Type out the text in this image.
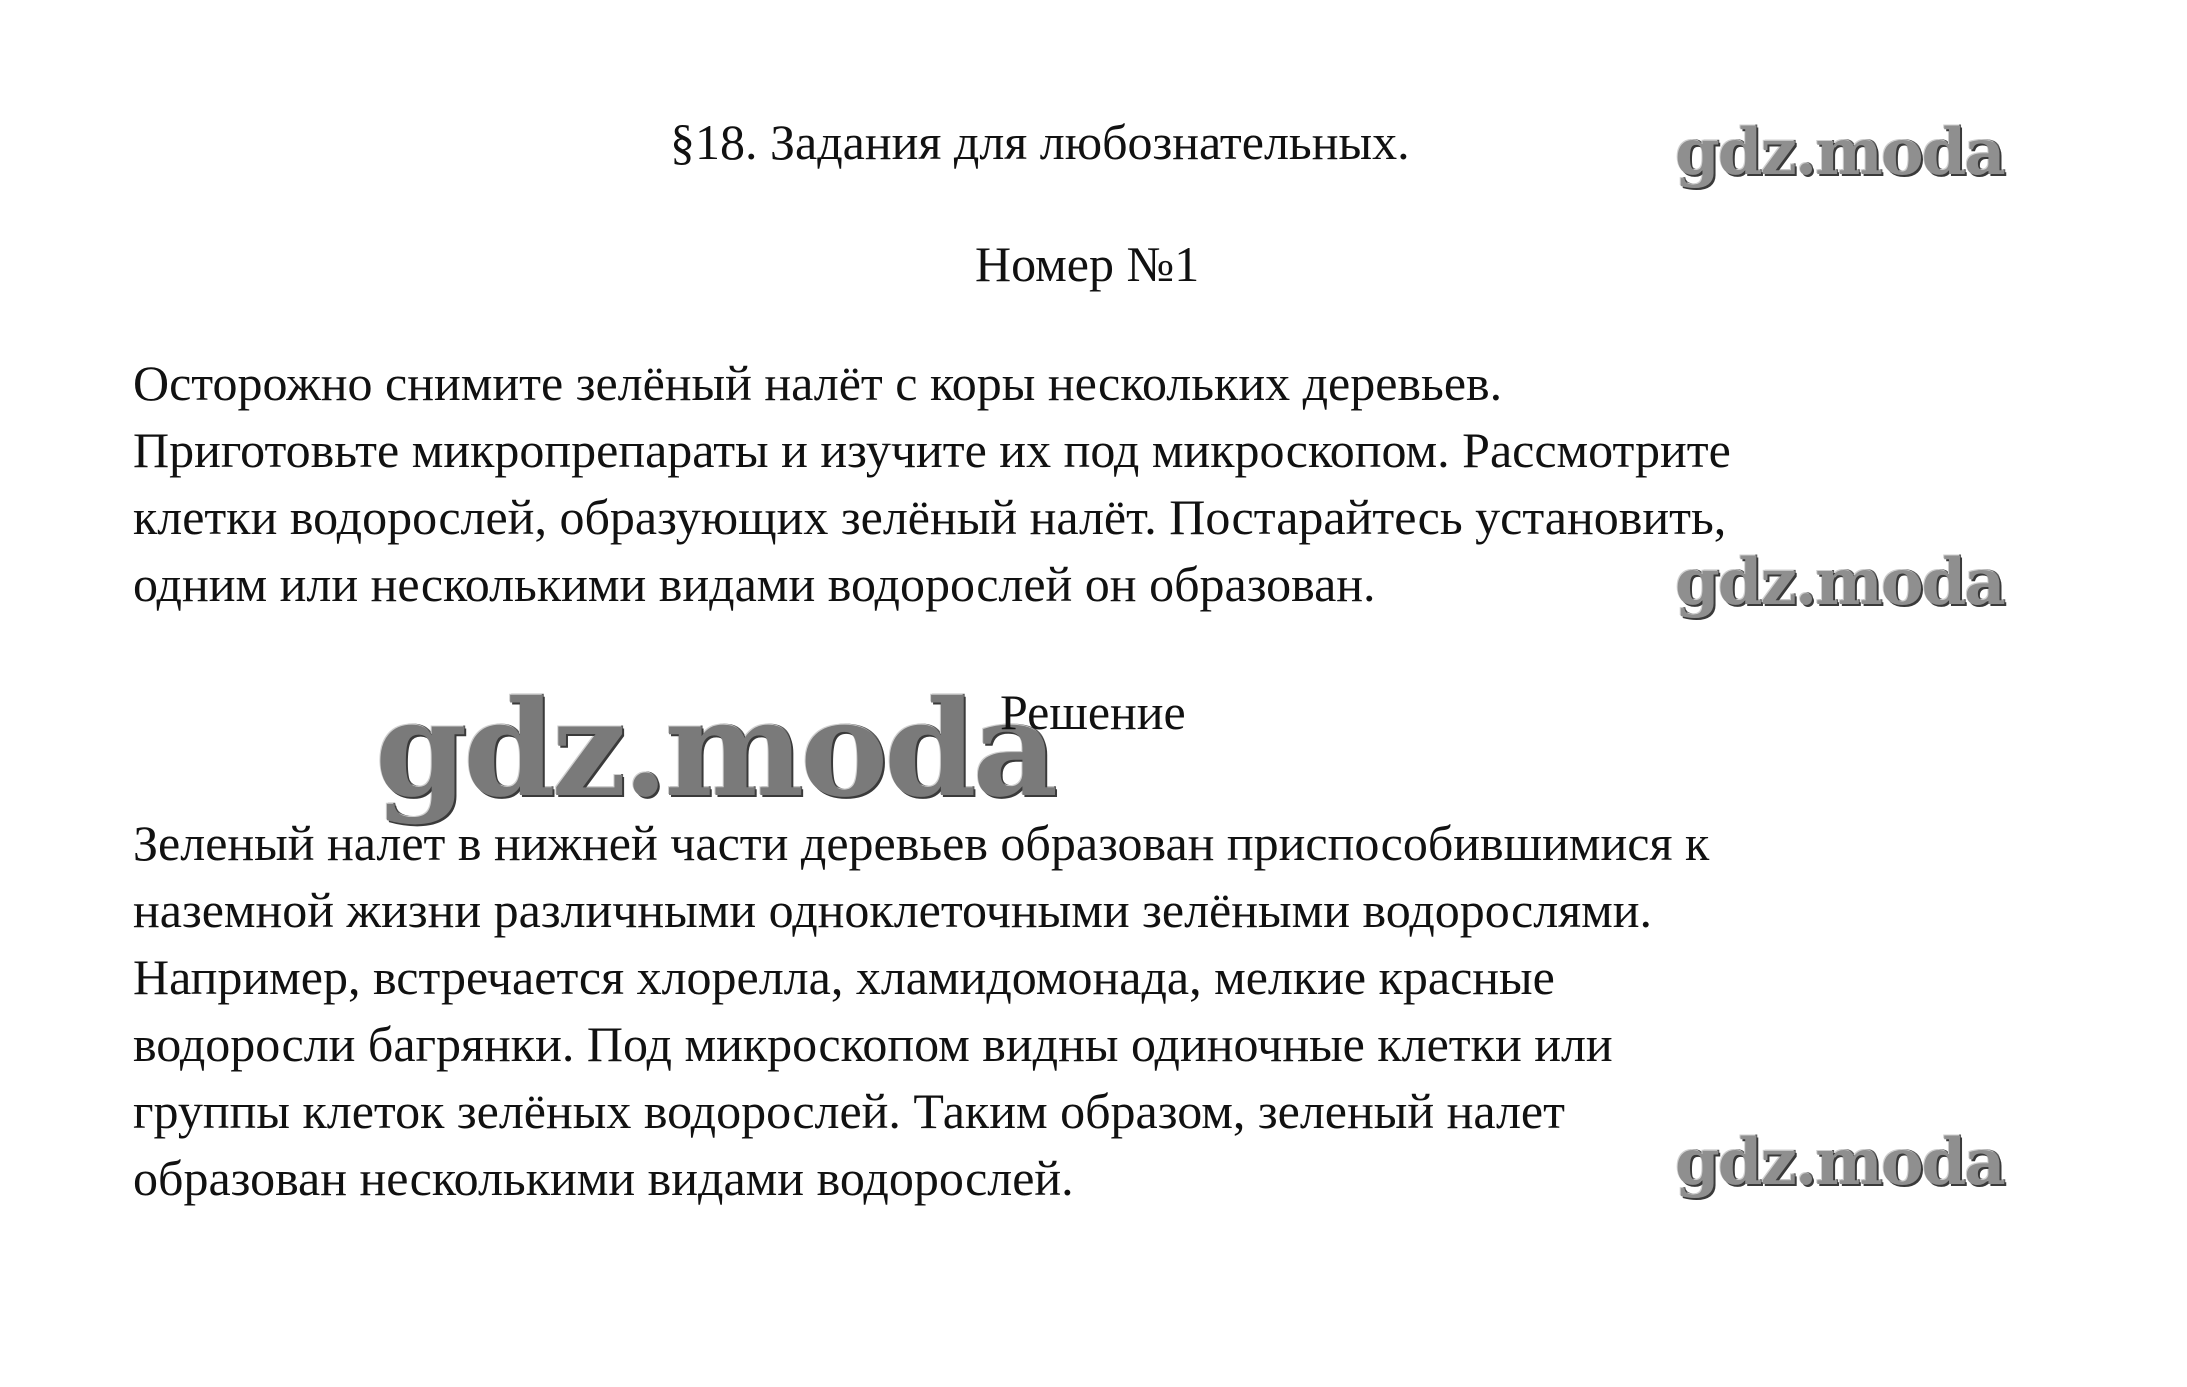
§18. Задания для любознательных.	gdz.moda
Номер №1
Осторожно снимите зелёный налёт с коры нескольких деревьев.
Приготовьте микропрепараты и изучите их под микроскопом. Рассмотрите
клетки водорослей, образующих зелёный налёт. Постарайтесь установить,
одним или несколькими видами водорослей он образован.	gdz.moda
gdz.moda
Решение
Зеленый налет в нижней части деревьев образован приспособившимися к
наземной жизни различными одноклеточными зелёными водорослями.
Например, встречается хлорелла, хламидомонада, мелкие красные
водоросли багрянки. Под микроскопом видны одиночные клетки или
группы клеток зелёных водорослей. Таким образом, зеленый налет
образован несколькими видами водорослей.	gdz.moda
